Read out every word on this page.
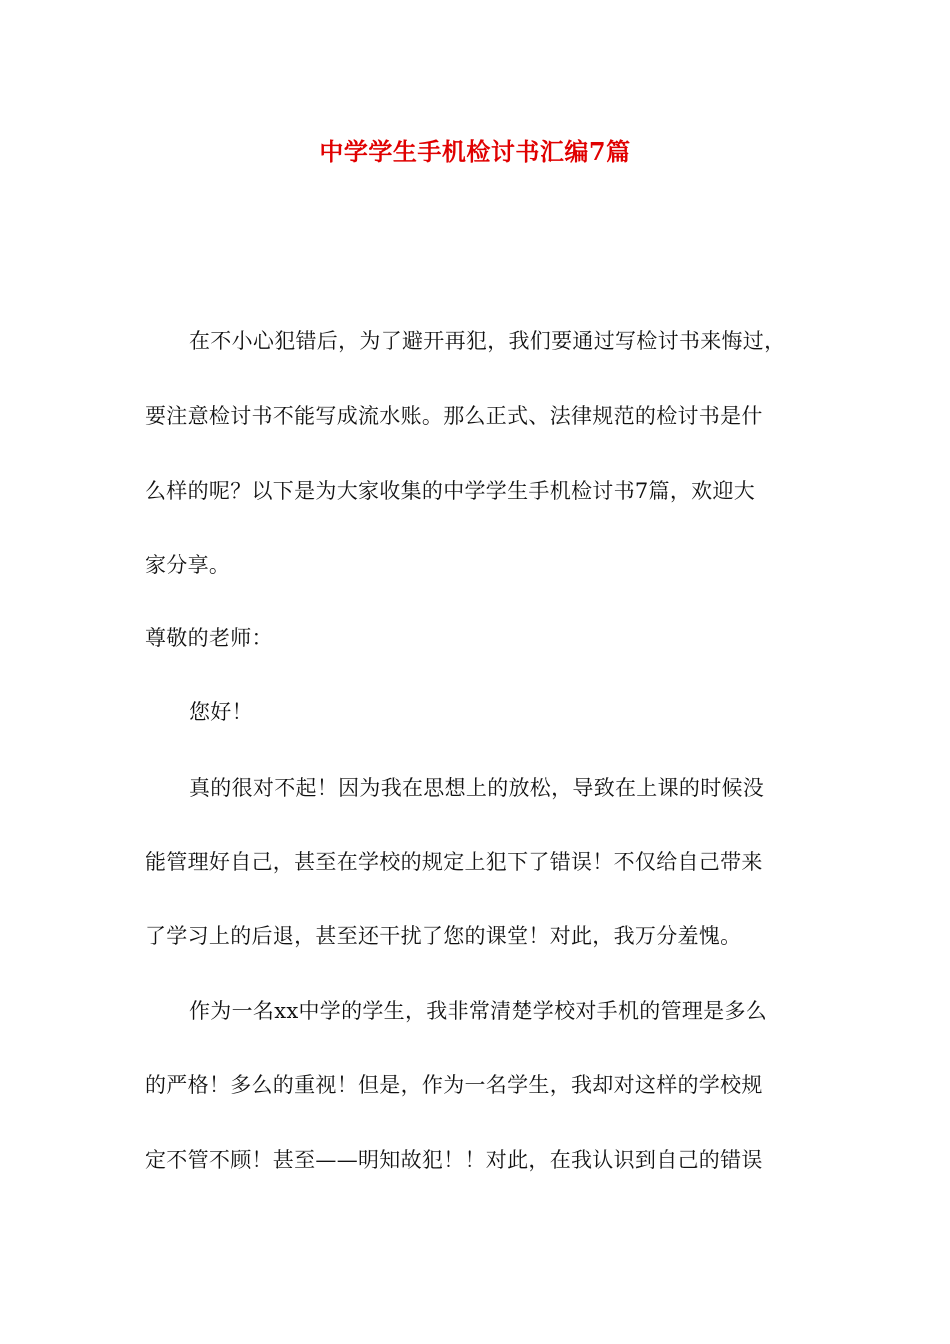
中学学生手机检讨书汇编7篇
在不小心犯错后，为了避开再犯，我们要通过写检讨书来悔过，
要注意检讨书不能写成流水账。那么正式、法律规范的检讨书是什
么样的呢？以下是为大家收集的中学学生手机检讨书7篇，欢迎大
家分享。
尊敬的老师：
您好！
真的很对不起！因为我在思想上的放松，导致在上课的时候没
能管理好自己，甚至在学校的规定上犯下了错误！不仅给自己带来
了学习上的后退，甚至还干扰了您的课堂！对此，我万分羞愧。
作为一名xx中学的学生，我非常清楚学校对手机的管理是多么
的严格！多么的重视！但是，作为一名学生，我却对这样的学校规
定不管不顾！甚至——明知故犯！！对此，在我认识到自己的错误
